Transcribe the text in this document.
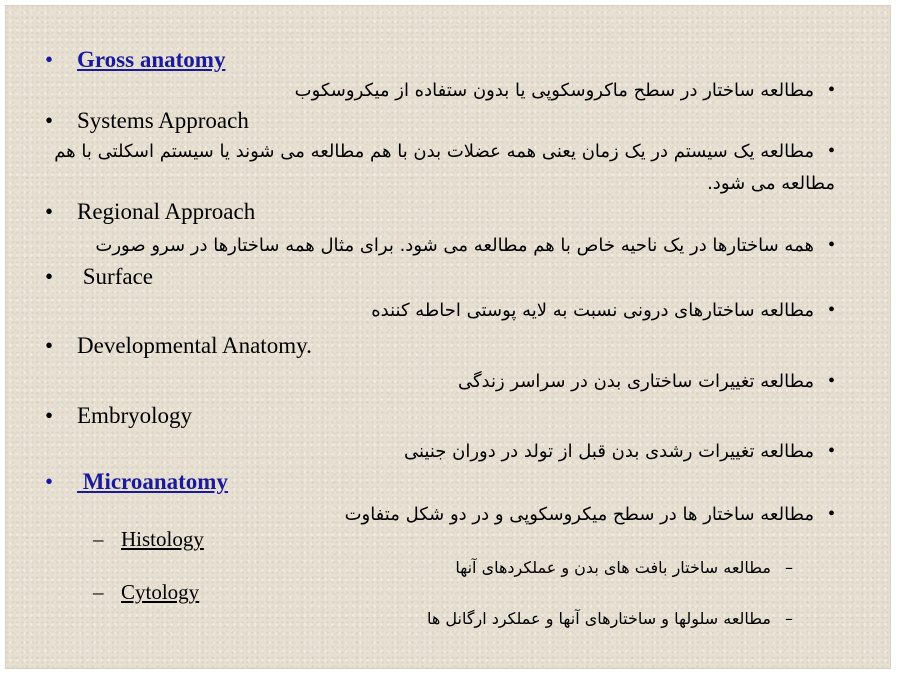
• Gross anatomy
•مطالعه ساختار در سطح ماکروسکوپی یا بدون ستفاده از میکروسکوب
• Systems Approach
•مطالعه یک سیستم در یک زمان یعنی همه عضلات بدن با هم مطالعه می شوند یا سیستم اسکلتی با هم مطالعه می شود.
• Regional Approach
•همه ساختارها در یک ناحیه خاص با هم مطالعه می شود. برای مثال همه ساختارها در سرو صورت
• Surface
•مطالعه ساختارهای درونی نسبت به لایه پوستی احاطه کننده
• Developmental Anatomy.
•مطالعه تغییرات ساختاری بدن در سراسر زندگی
• Embryology
•مطالعه تغییرات رشدی بدن قبل از تولد در دوران جنینی
• Microanatomy
•مطالعه ساختار ها در سطح میکروسکوپی و در دو شکل متفاوت
– Histology
–مطالعه ساختار بافت های بدن و عملکردهای آنها
– Cytology
–مطالعه سلولها و ساختارهای آنها و عملکرد ارگانل ها
